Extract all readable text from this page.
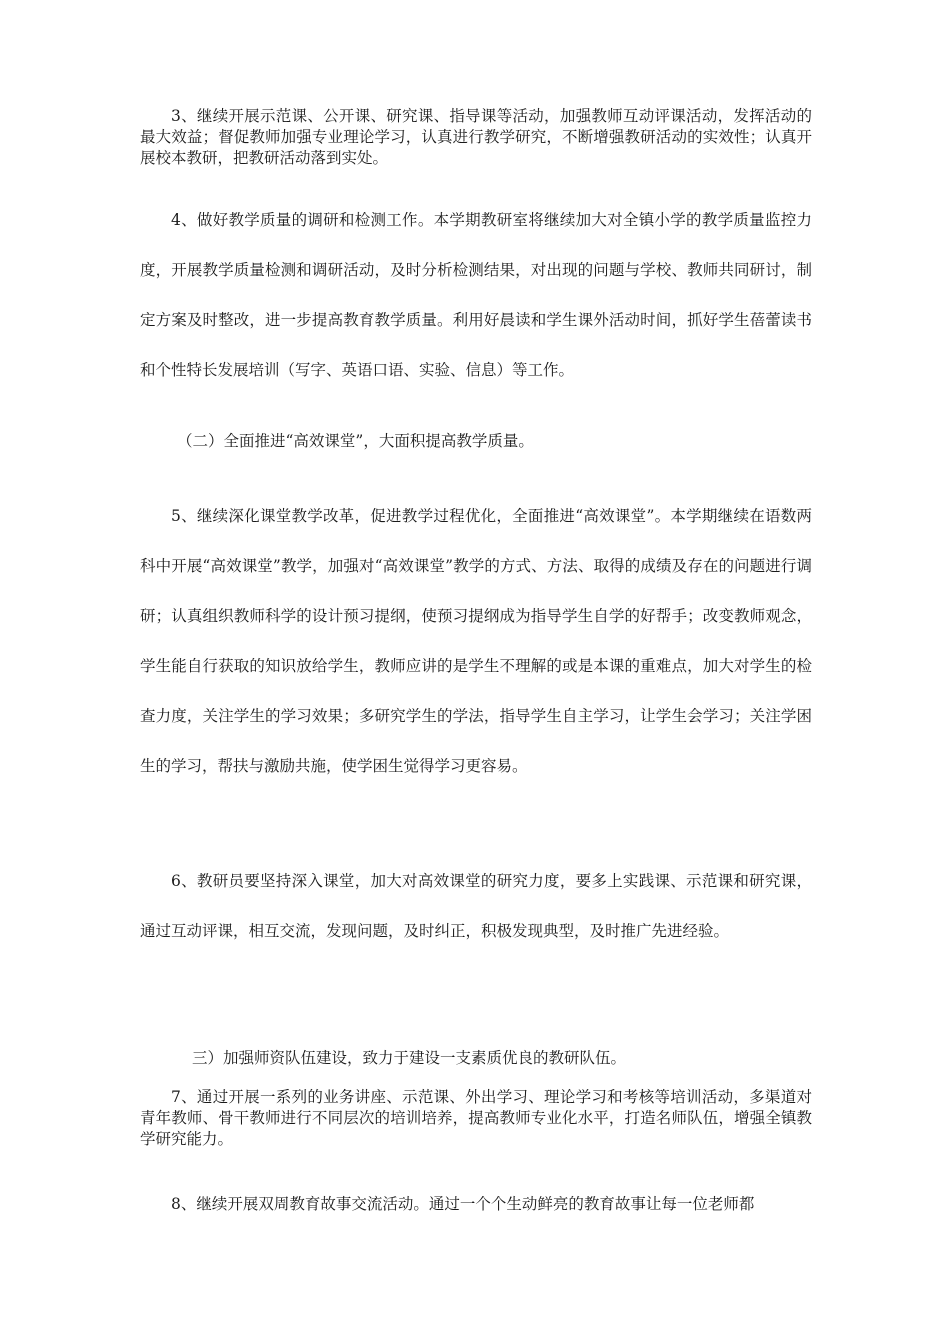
3、继续开展示范课、公开课、研究课、指导课等活动，加强教师互动评课活动，发挥活动的最大效益；督促教师加强专业理论学习，认真进行教学研究，不断增强教研活动的实效性；认真开展校本教研，把教研活动落到实处。

4、做好教学质量的调研和检测工作。本学期教研室将继续加大对全镇小学的教学质量监控力度，开展教学质量检测和调研活动，及时分析检测结果，对出现的问题与学校、教师共同研讨，制定方案及时整改，进一步提高教育教学质量。利用好晨读和学生课外活动时间，抓好学生蓓蕾读书和个性特长发展培训（写字、英语口语、实验、信息）等工作。

（二）全面推进“高效课堂”，大面积提高教学质量。

5、继续深化课堂教学改革，促进教学过程优化，全面推进“高效课堂”。本学期继续在语数两科中开展“高效课堂”教学，加强对“高效课堂”教学的方式、方法、取得的成绩及存在的问题进行调研；认真组织教师科学的设计预习提纲，使预习提纲成为指导学生自学的好帮手；改变教师观念，学生能自行获取的知识放给学生，教师应讲的是学生不理解的或是本课的重难点，加大对学生的检查力度，关注学生的学习效果；多研究学生的学法，指导学生自主学习，让学生会学习；关注学困生的学习，帮扶与激励共施，使学困生觉得学习更容易。

6、教研员要坚持深入课堂，加大对高效课堂的研究力度，要多上实践课、示范课和研究课，通过互动评课，相互交流，发现问题，及时纠正，积极发现典型，及时推广先进经验。

三）加强师资队伍建设，致力于建设一支素质优良的教研队伍。

7、通过开展一系列的业务讲座、示范课、外出学习、理论学习和考核等培训活动，多渠道对青年教师、骨干教师进行不同层次的培训培养，提高教师专业化水平，打造名师队伍，增强全镇教学研究能力。

8、继续开展双周教育故事交流活动。通过一个个生动鲜亮的教育故事让每一位老师都
